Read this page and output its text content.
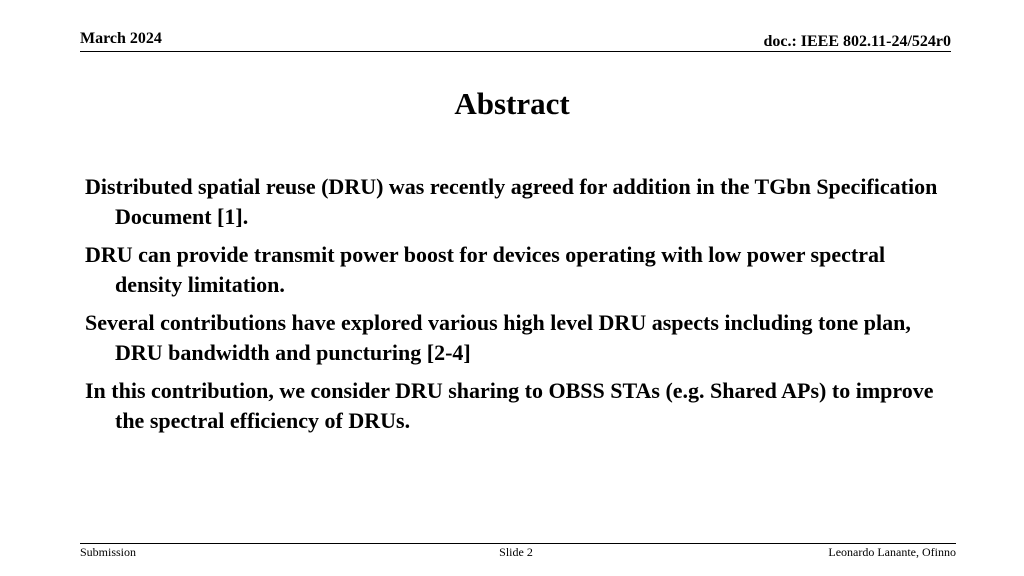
March 2024	doc.: IEEE 802.11-24/524r0
Abstract
Distributed spatial reuse (DRU) was recently agreed for addition in the TGbn Specification Document [1].
DRU can provide transmit power boost for devices operating with low power spectral density limitation.
Several contributions have explored various high level DRU aspects including tone plan, DRU bandwidth and puncturing [2-4]
In this contribution, we consider DRU sharing to OBSS STAs (e.g. Shared APs) to improve the spectral efficiency of DRUs.
Submission	Slide 2	Leonardo Lanante, Ofinno
